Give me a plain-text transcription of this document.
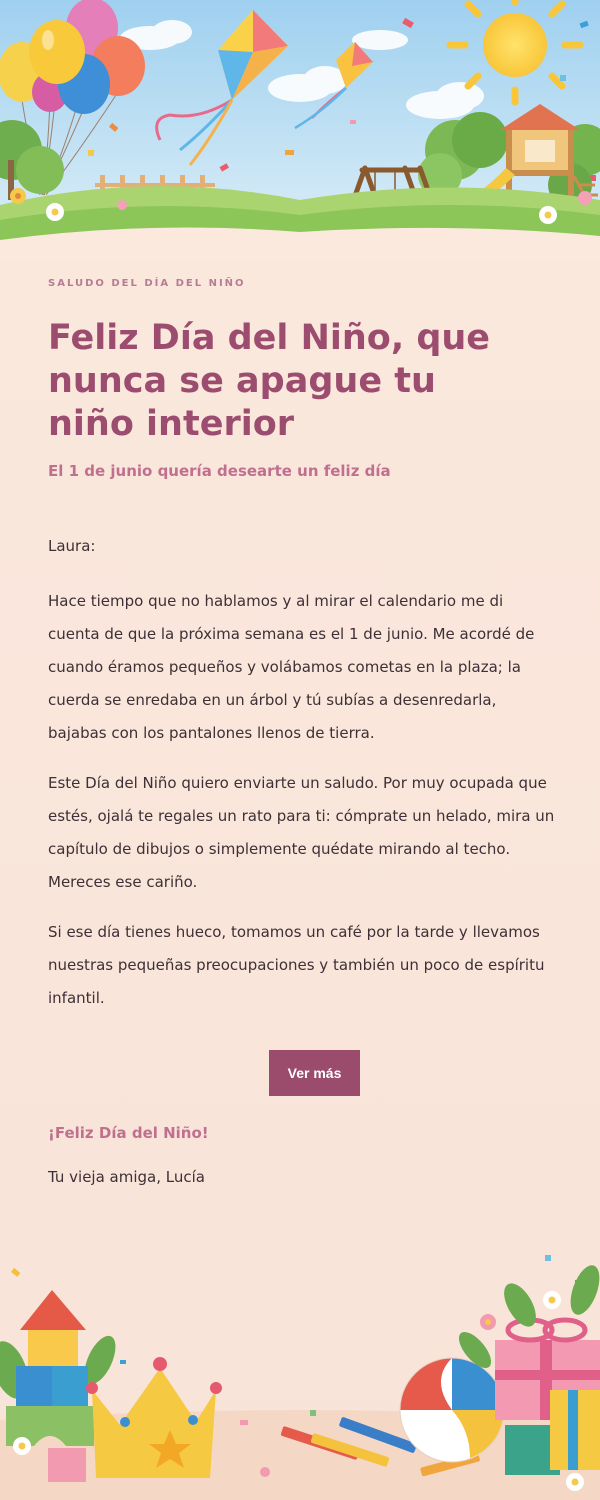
SALUDO DEL DÍA DEL NIÑO

Feliz Día del Niño, que nunca se apague tu niño interior

El 1 de junio quería desearte un feliz día

Laura:

Hace tiempo que no hablamos y al mirar el calendario me di cuenta de que la próxima semana es el 1 de junio. Me acordé de cuando éramos pequeños y volábamos cometas en la plaza; la cuerda se enredaba en un árbol y tú subías a desenredarla, bajabas con los pantalones llenos de tierra.

Este Día del Niño quiero enviarte un saludo. Por muy ocupada que estés, ojalá te regales un rato para ti: cómprate un helado, mira un capítulo de dibujos o simplemente quédate mirando al techo. Mereces ese cariño.

Si ese día tienes hueco, tomamos un café por la tarde y llevamos nuestras pequeñas preocupaciones y también un poco de espíritu infantil.

Ver más
¡Feliz Día del Niño!
Tu vieja amiga, Lucía
